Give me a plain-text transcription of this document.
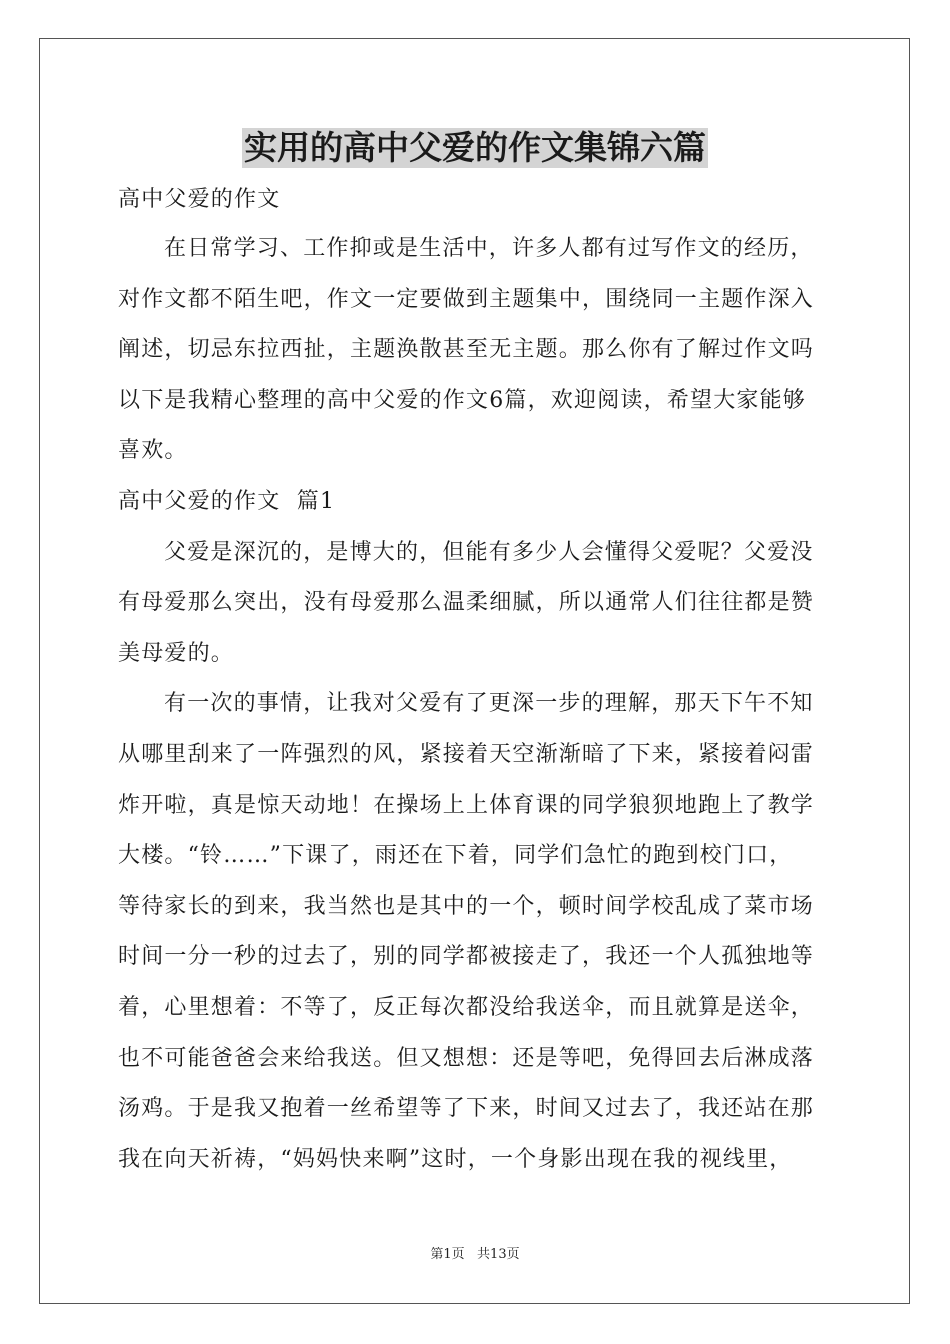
实用的高中父爱的作文集锦六篇
高中父爱的作文
在日常学习、工作抑或是生活中，许多人都有过写作文的经历，
对作文都不陌生吧，作文一定要做到主题集中，围绕同一主题作深入
阐述，切忌东拉西扯，主题涣散甚至无主题。那么你有了解过作文吗
以下是我精心整理的高中父爱的作文6篇，欢迎阅读，希望大家能够
喜欢。
高中父爱的作文  篇1
父爱是深沉的，是博大的，但能有多少人会懂得父爱呢？父爱没
有母爱那么突出，没有母爱那么温柔细腻，所以通常人们往往都是赞
美母爱的。
有一次的事情，让我对父爱有了更深一步的理解，那天下午不知
从哪里刮来了一阵强烈的风，紧接着天空渐渐暗了下来，紧接着闷雷
炸开啦，真是惊天动地！在操场上上体育课的同学狼狈地跑上了教学
大楼。“铃……”下课了，雨还在下着，同学们急忙的跑到校门口，
等待家长的到来，我当然也是其中的一个，顿时间学校乱成了菜市场
时间一分一秒的过去了，别的同学都被接走了，我还一个人孤独地等
着，心里想着：不等了，反正每次都没给我送伞，而且就算是送伞，
也不可能爸爸会来给我送。但又想想：还是等吧，免得回去后淋成落
汤鸡。于是我又抱着一丝希望等了下来，时间又过去了，我还站在那
我在向天祈祷，“妈妈快来啊”这时，一个身影出现在我的视线里，
第1页   共13页
